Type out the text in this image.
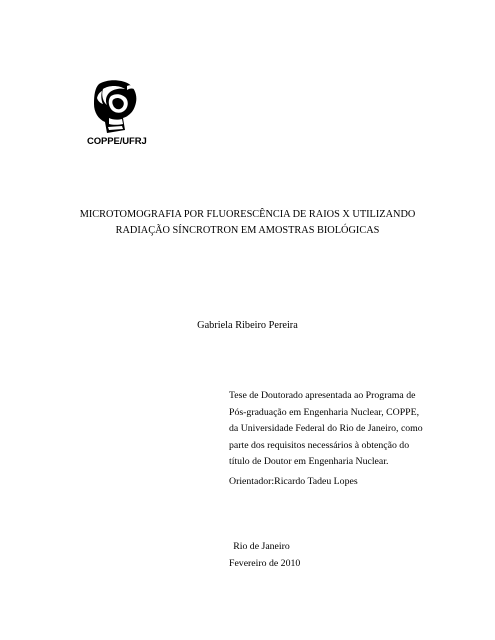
COPPE/UFRJ
MICROTOMOGRAFIA POR FLUORESCÊNCIA DE RAIOS X UTILIZANDO
RADIAÇÃO SÍNCROTRON EM AMOSTRAS BIOLÓGICAS
Gabriela Ribeiro Pereira
Tese de Doutorado apresentada ao Programa de
Pós-graduação em Engenharia Nuclear, COPPE,
da Universidade Federal do Rio de Janeiro, como
parte dos requisitos necessários à obtenção do
título de Doutor em Engenharia Nuclear.
Orientador:Ricardo Tadeu Lopes
Rio de Janeiro
Fevereiro de 2010
